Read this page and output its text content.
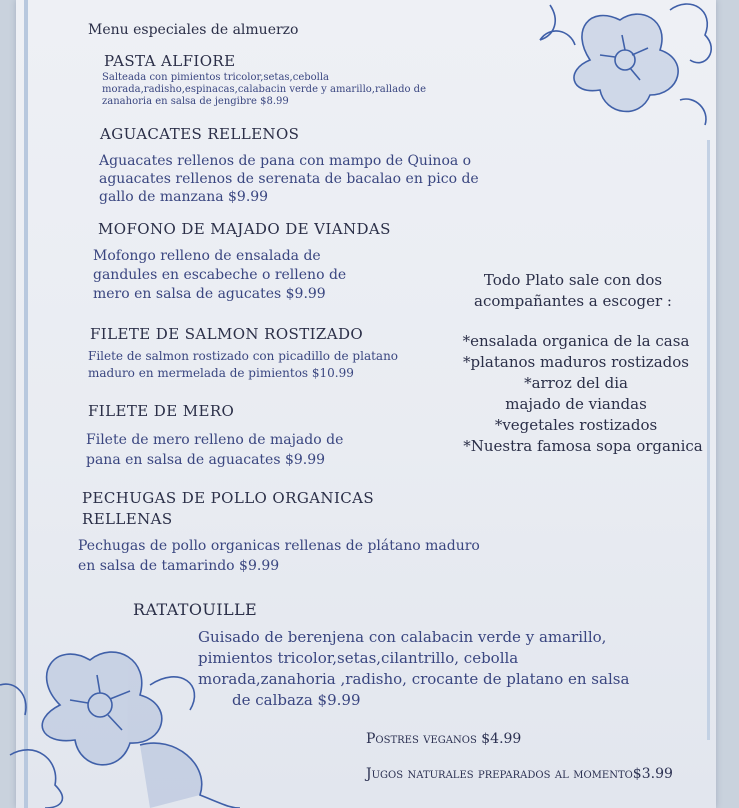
Menu especiales de almuerzo
PASTA ALFIORE
Salteada con pimientos tricolor,setas,cebolla
morada,radisho,espinacas,calabacin verde y amarillo,rallado de
zanahoria en salsa de jengibre $8.99
AGUACATES RELLENOS
Aguacates rellenos de pana con mampo de Quinoa o
aguacates rellenos de serenata de bacalao en pico de
gallo de manzana $9.99
MOFONO DE MAJADO DE VIANDAS
Mofongo relleno de ensalada de
gandules en escabeche o relleno de
mero en salsa de agucates $9.99
FILETE DE SALMON ROSTIZADO
Filete de salmon rostizado con picadillo de platano
maduro en mermelada de pimientos $10.99
FILETE DE MERO
Filete de mero relleno de majado de
pana en salsa de aguacates $9.99
PECHUGAS DE POLLO ORGANICAS
RELLENAS
Pechugas de pollo organicas rellenas de plátano maduro
en salsa de tamarindo $9.99
RATATOUILLE
Guisado de berenjena con calabacin verde y amarillo,
pimientos tricolor,setas,cilantrillo, cebolla
morada,zanahoria ,radisho, crocante de platano en salsa
de calbaza $9.99
Todo Plato sale con dos
acompañantes a escoger :
*ensalada organica de la casa
*platanos maduros rostizados
*arroz del dia
majado de viandas
*vegetales rostizados
*Nuestra famosa sopa organica
Postres veganos $4.99
Jugos naturales preparados al momento$3.99
